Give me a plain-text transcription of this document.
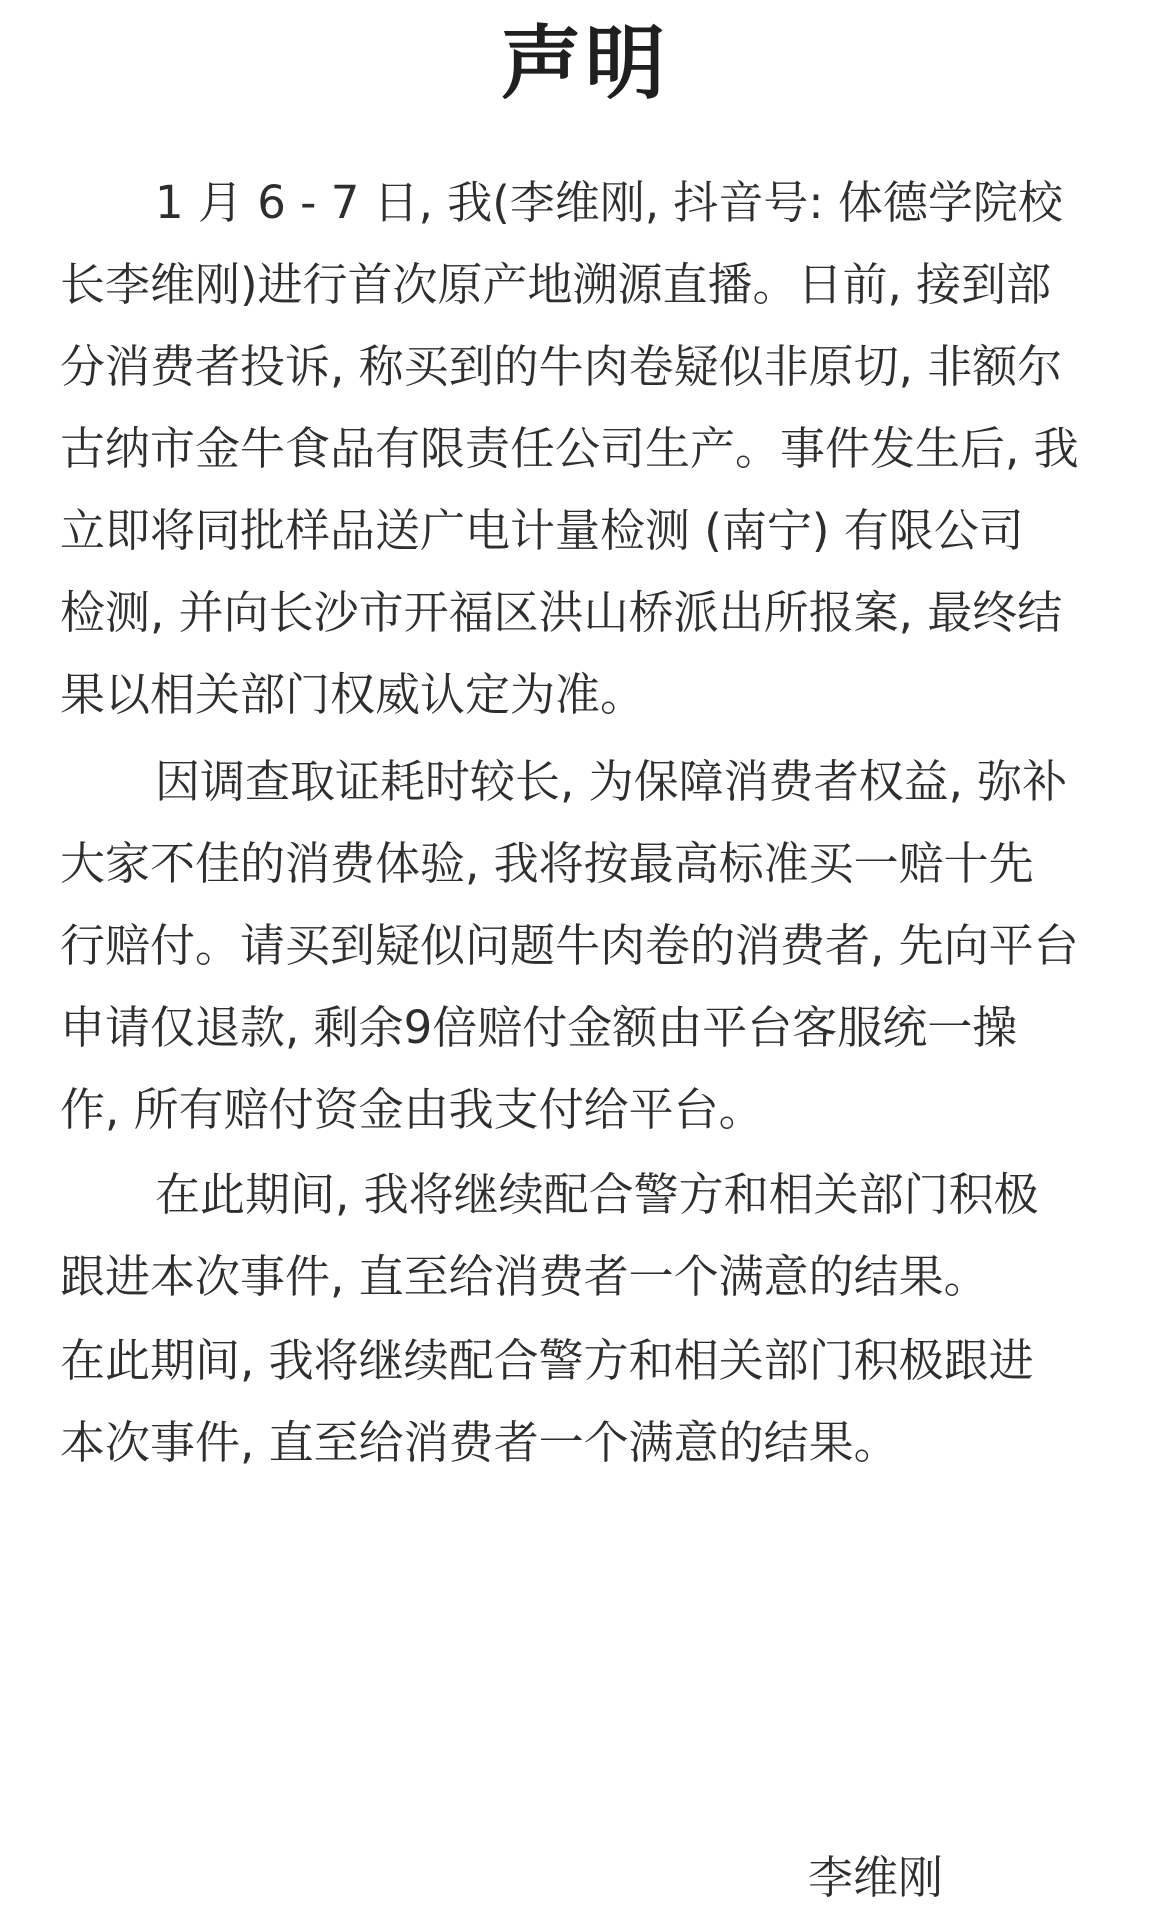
声明
1 月 6 - 7 日, 我(李维刚, 抖音号: 体德学院校
长李维刚)进行首次原产地溯源直播。日前, 接到部
分消费者投诉, 称买到的牛肉卷疑似非原切, 非额尔
古纳市金牛食品有限责任公司生产。事件发生后, 我
立即将同批样品送广电计量检测 (南宁) 有限公司
检测, 并向长沙市开福区洪山桥派出所报案, 最终结
果以相关部门权威认定为准。
因调查取证耗时较长, 为保障消费者权益, 弥补
大家不佳的消费体验, 我将按最高标准买一赔十先
行赔付。请买到疑似问题牛肉卷的消费者, 先向平台
申请仅退款, 剩余9倍赔付金额由平台客服统一操
作, 所有赔付资金由我支付给平台。
在此期间, 我将继续配合警方和相关部门积极
跟进本次事件, 直至给消费者一个满意的结果。
在此期间, 我将继续配合警方和相关部门积极跟进
本次事件, 直至给消费者一个满意的结果。
李维刚
